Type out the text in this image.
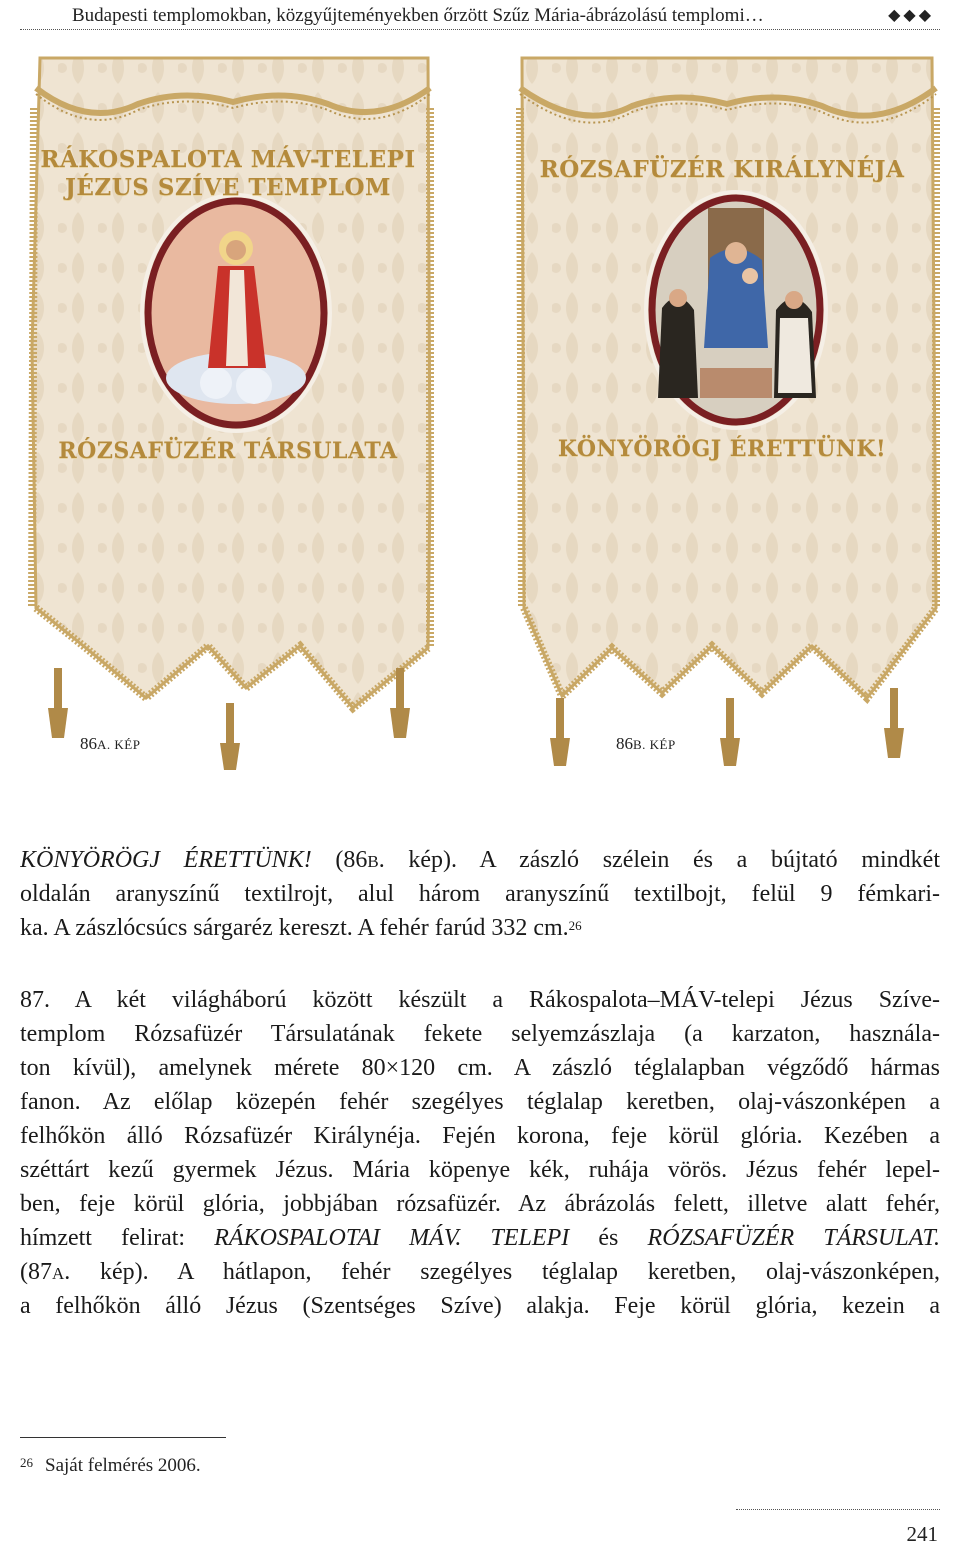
Budapesti templomokban, közgyűjteményekben őrzött Szűz Mária-ábrázolású templomi…	◆◆◆
RÁKOSPALOTA MÁV-TELEPI
JÉZUS SZÍVE TEMPLOM
RÓZSAFÜZÉR TÁRSULATA
86A. KÉP
RÓZSAFÜZÉR KIRÁLYNÉJA
KÖNYÖRÖGJ ÉRETTÜNK!
86B. KÉP
KÖNYÖRÖGJ ÉRETTÜNK! (86B. kép). A zászló szélein és a bújtató mindkét
oldalán aranyszínű textilrojt, alul három aranyszínű textilbojt, felül 9 fémkari-
ka. A zászlócsúcs sárgaréz kereszt. A fehér farúd 332 cm.$^{26}$
87. A két világháború között készült a Rákospalota–MÁV-telepi Jézus Szíve-
templom Rózsafüzér Társulatának fekete selyemzászlaja (a karzaton, használa-
ton kívül), amelynek mérete 80×120 cm. A zászló téglalapban végződő hármas
fanon. Az előlap közepén fehér szegélyes téglalap keretben, olaj-vászonképen a
felhőkön álló Rózsafüzér Királynéja. Fején korona, feje körül glória. Kezében a
széttárt kezű gyermek Jézus. Mária köpenye kék, ruhája vörös. Jézus fehér lepel-
ben, feje körül glória, jobbjában rózsafüzér. Az ábrázolás felett, illetve alatt fehér,
hímzett felirat: RÁKOSPALOTAI MÁV. TELEPI és RÓZSAFÜZÉR TÁRSULAT.
(87A. kép). A hátlapon, fehér szegélyes téglalap keretben, olaj-vászonképen,
a felhőkön álló Jézus (Szentséges Szíve) alakja. Feje körül glória, kezein a
$^{26}$ Saját felmérés 2006.
241
